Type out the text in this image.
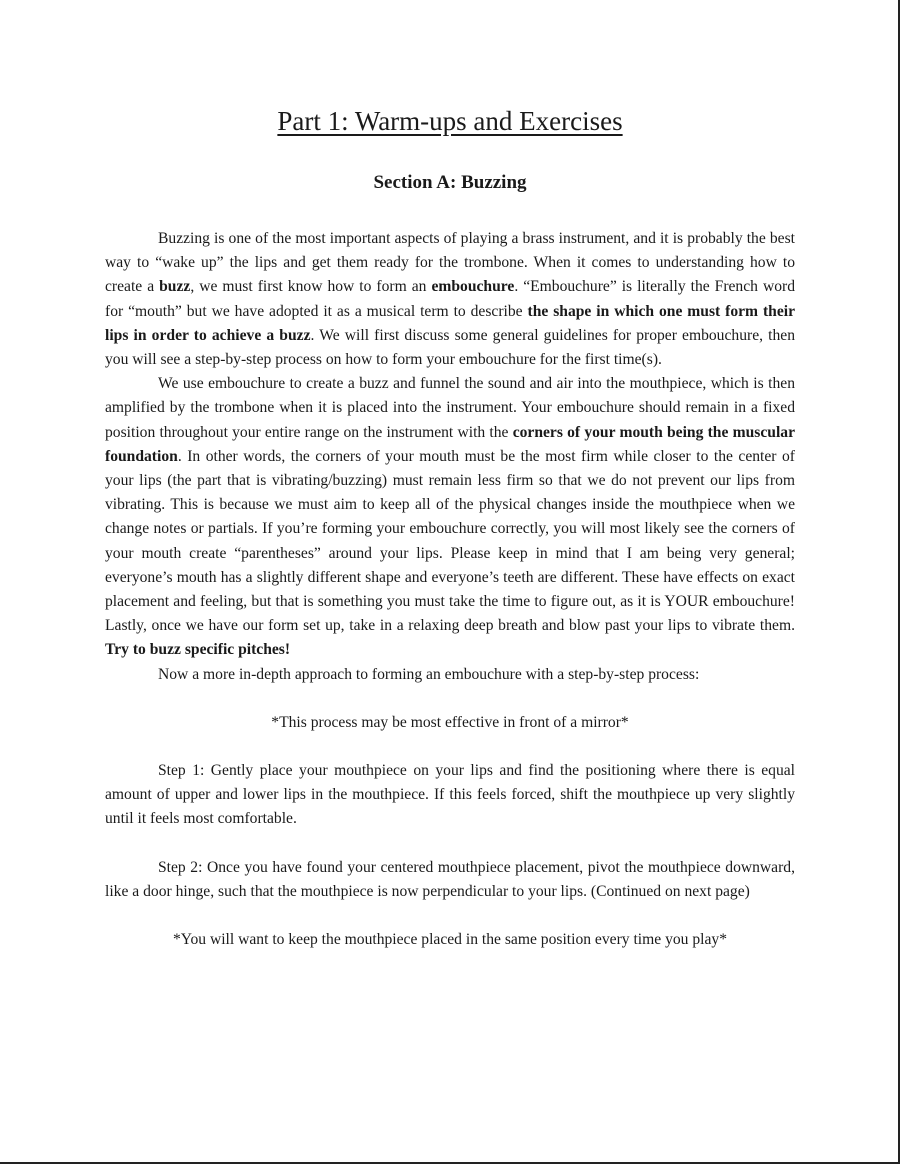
Part 1: Warm-ups and Exercises
Section A: Buzzing

Buzzing is one of the most important aspects of playing a brass instrument, and it is probably the best way to “wake up” the lips and get them ready for the trombone. When it comes to understanding how to create a buzz, we must first know how to form an embouchure. “Embouchure” is literally the French word for “mouth” but we have adopted it as a musical term to describe the shape in which one must form their lips in order to achieve a buzz. We will first discuss some general guidelines for proper embouchure, then you will see a step-by-step process on how to form your embouchure for the first time(s).

We use embouchure to create a buzz and funnel the sound and air into the mouthpiece, which is then amplified by the trombone when it is placed into the instrument. Your embouchure should remain in a fixed position throughout your entire range on the instrument with the corners of your mouth being the muscular foundation. In other words, the corners of your mouth must be the most firm while closer to the center of your lips (the part that is vibrating/buzzing) must remain less firm so that we do not prevent our lips from vibrating. This is because we must aim to keep all of the physical changes inside the mouthpiece when we change notes or partials. If you’re forming your embouchure correctly, you will most likely see the corners of your mouth create “parentheses” around your lips. Please keep in mind that I am being very general; everyone’s mouth has a slightly different shape and everyone’s teeth are different. These have effects on exact placement and feeling, but that is something you must take the time to figure out, as it is YOUR embouchure! Lastly, once we have our form set up, take in a relaxing deep breath and blow past your lips to vibrate them. Try to buzz specific pitches!

Now a more in-depth approach to forming an embouchure with a step-by-step process:

*This process may be most effective in front of a mirror*

Step 1: Gently place your mouthpiece on your lips and find the positioning where there is equal amount of upper and lower lips in the mouthpiece. If this feels forced, shift the mouthpiece up very slightly until it feels most comfortable.

Step 2: Once you have found your centered mouthpiece placement, pivot the mouthpiece downward, like a door hinge, such that the mouthpiece is now perpendicular to your lips. (Continued on next page)

*You will want to keep the mouthpiece placed in the same position every time you play*
